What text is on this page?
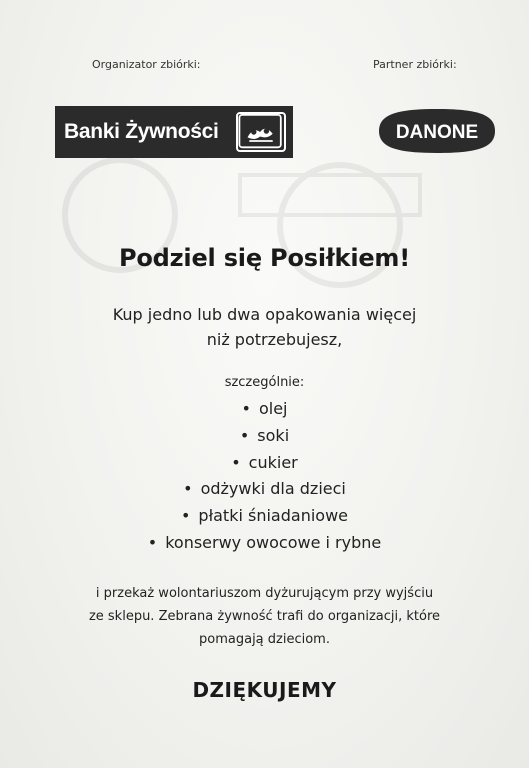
Organizator zbiórki:	Partner zbiórki:
Banki Żywności	DANONE
Podziel się Posiłkiem!
Kup jedno lub dwa opakowania więcej
niż potrzebujesz,
szczególnie:
• olej
• soki
• cukier
• odżywki dla dzieci
• płatki śniadaniowe
• konserwy owocowe i rybne
i przekaż wolontariuszom dyżurującym przy wyjściu
ze sklepu. Zebrana żywność trafi do organizacji, które
pomagają dzieciom.
DZIĘKUJEMY
